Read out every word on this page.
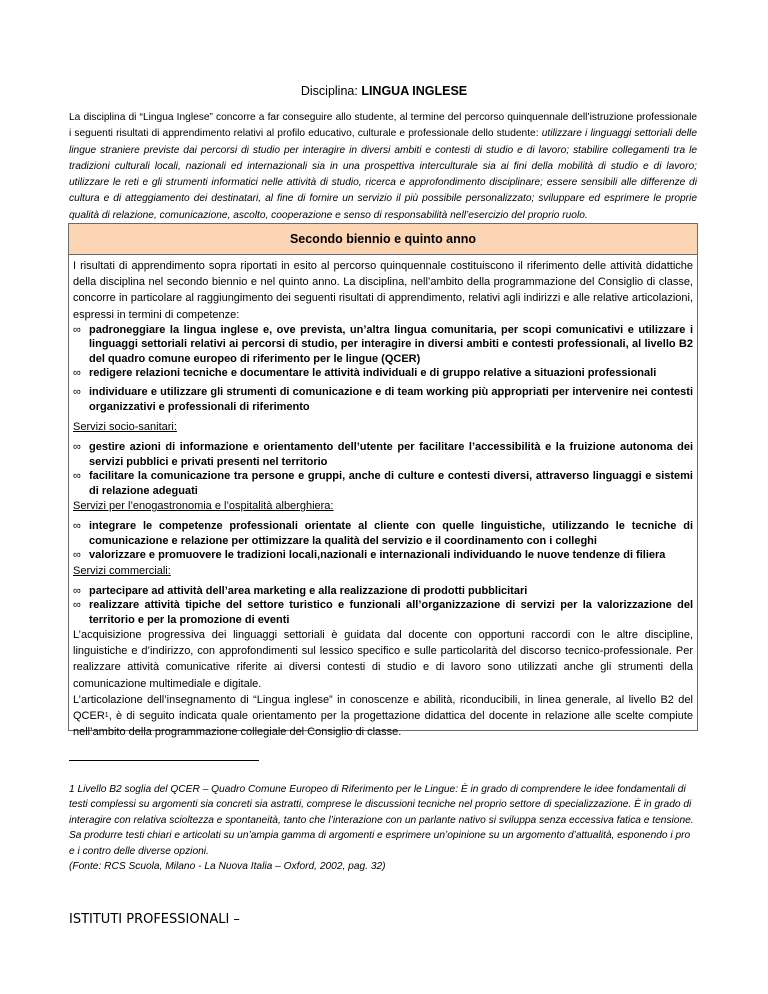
Disciplina: LINGUA INGLESE
La disciplina di “Lingua Inglese” concorre a far conseguire allo studente, al termine del percorso quinquennale dell’istruzione professionale i seguenti risultati di apprendimento relativi al profilo educativo, culturale e professionale dello studente: utilizzare i linguaggi settoriali delle lingue straniere previste dai percorsi di studio per interagire in diversi ambiti e contesti di studio e di lavoro; stabilire collegamenti tra le tradizioni culturali locali, nazionali ed internazionali sia in una prospettiva interculturale sia ai fini della mobilità di studio e di lavoro; utilizzare le reti e gli strumenti informatici nelle attività di studio, ricerca e approfondimento disciplinare; essere sensibili alle differenze di cultura e di atteggiamento dei destinatari, al fine di fornire un servizio il più possibile personalizzato; sviluppare ed esprimere le proprie qualità di relazione, comunicazione, ascolto, cooperazione e senso di responsabilità nell’esercizio del proprio ruolo.
Secondo biennio e quinto anno

I risultati di apprendimento sopra riportati in esito al percorso quinquennale costituiscono il riferimento delle attività didattiche della disciplina nel secondo biennio e nel quinto anno. La disciplina, nell’ambito della programmazione del Consiglio di classe, concorre in particolare al raggiungimento dei seguenti risultati di apprendimento, relativi agli indirizzi e alle relative articolazioni, espressi in termini di competenze:

∞ padroneggiare la lingua inglese e, ove prevista, un’altra lingua comunitaria, per scopi comunicativi e utilizzare i linguaggi settoriali relativi ai percorsi di studio, per interagire in diversi ambiti e contesti professionali, al livello B2 del quadro comune europeo di riferimento per le lingue (QCER)
∞ redigere relazioni tecniche e documentare le attività individuali e di gruppo relative a situazioni professionali
∞ individuare e utilizzare gli strumenti di comunicazione e di team working più appropriati per intervenire nei contesti organizzativi e professionali di riferimento
Servizi socio-sanitari:
∞ gestire azioni di informazione e orientamento dell’utente per facilitare l’accessibilità e la fruizione autonoma dei servizi pubblici e privati presenti nel territorio
∞ facilitare la comunicazione tra persone e gruppi, anche di culture e contesti diversi, attraverso linguaggi e sistemi di relazione adeguati
Servizi per l’enogastronomia e l’ospitalità alberghiera:
∞ integrare le competenze professionali orientate al cliente con quelle linguistiche, utilizzando le tecniche di comunicazione e relazione per ottimizzare la qualità del servizio e il coordinamento con i colleghi
∞ valorizzare e promuovere le tradizioni locali,nazionali e internazionali individuando le nuove tendenze di filiera
Servizi commerciali:
∞ partecipare ad attività dell’area marketing e alla realizzazione di prodotti pubblicitari
∞ realizzare attività tipiche del settore turistico e funzionali all’organizzazione di servizi per la valorizzazione del territorio e per la promozione di eventi

L’acquisizione progressiva dei linguaggi settoriali è guidata dal docente con opportuni raccordi con le altre discipline, linguistiche e d’indirizzo, con approfondimenti sul lessico specifico e sulle particolarità del discorso tecnico-professionale. Per realizzare attività comunicative riferite ai diversi contesti di studio e di lavoro sono utilizzati anche gli strumenti della comunicazione multimediale e digitale.

L’articolazione dell’insegnamento di “Lingua inglese” in conoscenze e abilità, riconducibili, in linea generale, al livello B2 del QCER$^1$, è di seguito indicata quale orientamento per la progettazione didattica del docente in relazione alle scelte compiute nell’ambito della programmazione collegiale del Consiglio di classe.

1 Livello B2 soglia del QCER – Quadro Comune Europeo di Riferimento per le Lingue: È in grado di comprendere le idee fondamentali di testi complessi su argomenti sia concreti sia astratti, comprese le discussioni tecniche nel proprio settore di specializzazione. È in grado di interagire con relativa scioltezza e spontaneità, tanto che l’interazione con un parlante nativo si sviluppa senza eccessiva fatica e tensione. Sa produrre testi chiari e articolati su un’ampia gamma di argomenti e esprimere un’opinione su un argomento d’attualità, esponendo i pro e i contro delle diverse opzioni.
(Fonte: RCS Scuola, Milano - La Nuova Italia – Oxford, 2002, pag. 32)
ISTITUTI PROFESSIONALI –
